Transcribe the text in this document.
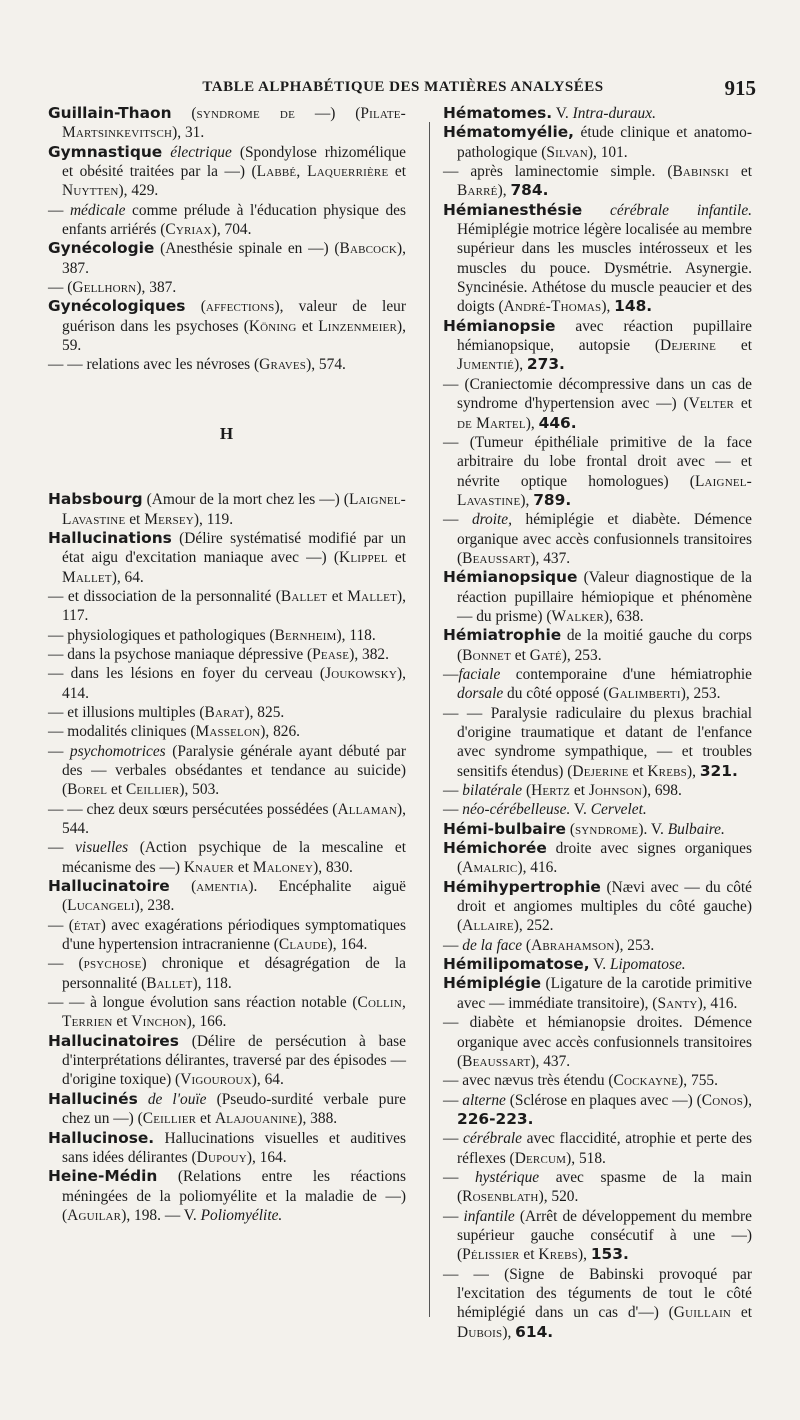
TABLE ALPHABÉTIQUE DES MATIÈRES ANALYSÉES	915

Guillain-Thaon (syndrome de —) (Pilate-Martsinkevitsch), 31.

Gymnastique électrique (Spondylose rhizomélique et obésité traitées par la —) (Labbé, Laquerrière et Nuytten), 429.

— médicale comme prélude à l'éducation physique des enfants arriérés (Cyriax), 704.

Gynécologie (Anesthésie spinale en —) (Babcock), 387.

— (Gellhorn), 387.

Gynécologiques (affections), valeur de leur guérison dans les psychoses (Köning et Linzenmeier), 59.

— — relations avec les névroses (Graves), 574.

H

Habsbourg (Amour de la mort chez les —) (Laignel-Lavastine et Mersey), 119.

Hallucinations (Délire systématisé modifié par un état aigu d'excitation maniaque avec —) (Klippel et Mallet), 64.

— et dissociation de la personnalité (Ballet et Mallet), 117.

— physiologiques et pathologiques (Bernheim), 118.

— dans la psychose maniaque dépressive (Pease), 382.

— dans les lésions en foyer du cerveau (Joukowsky), 414.

— et illusions multiples (Barat), 825.

— modalités cliniques (Masselon), 826.

— psychomotrices (Paralysie générale ayant débuté par des — verbales obsédantes et tendance au suicide) (Borel et Ceillier), 503.

— — chez deux sœurs persécutées possédées (Allaman), 544.

— visuelles (Action psychique de la mescaline et mécanisme des —) Knauer et Maloney), 830.

Hallucinatoire (amentia). Encéphalite aiguë (Lucangeli), 238.

— (état) avec exagérations périodiques symptomatiques d'une hypertension intracranienne (Claude), 164.

— (psychose) chronique et désagrégation de la personnalité (Ballet), 118.

— — à longue évolution sans réaction notable (Collin, Terrien et Vinchon), 166.

Hallucinatoires (Délire de persécution à base d'interprétations délirantes, traversé par des épisodes — d'origine toxique) (Vigouroux), 64.

Hallucinés de l'ouïe (Pseudo-surdité verbale pure chez un —) (Ceillier et Alajouanine), 388.

Hallucinose. Hallucinations visuelles et auditives sans idées délirantes (Dupouy), 164.

Heine-Médin (Relations entre les réactions méningées de la poliomyélite et la maladie de —) (Aguilar), 198. — V. Poliomyélite.

Hématomes. V. Intra-duraux.

Hématomyélie, étude clinique et anatomo-pathologique (Silvan), 101.

— après laminectomie simple. (Babinski et Barré), 784.

Hémianesthésie cérébrale infantile. Hémiplégie motrice légère localisée au membre supérieur dans les muscles intérosseux et les muscles du pouce. Dysmétrie. Asynergie. Syncinésie. Athétose du muscle peaucier et des doigts (André-Thomas), 148.

Hémianopsie avec réaction pupillaire hémianopsique, autopsie (Dejerine et Jumentié), 273.

— (Craniectomie décompressive dans un cas de syndrome d'hypertension avec —) (Velter et de Martel), 446.

— (Tumeur épithéliale primitive de la face arbitraire du lobe frontal droit avec — et névrite optique homologues) (Laignel-Lavastine), 789.

— droite, hémiplégie et diabète. Démence organique avec accès confusionnels transitoires (Beaussart), 437.

Hémianopsique (Valeur diagnostique de la réaction pupillaire hémiopique et phénomène — du prisme) (Walker), 638.

Hémiatrophie de la moitié gauche du corps (Bonnet et Gaté), 253.

—faciale contemporaine d'une hémiatrophie dorsale du côté opposé (Galimberti), 253.

— — Paralysie radiculaire du plexus brachial d'origine traumatique et datant de l'enfance avec syndrome sympathique, — et troubles sensitifs étendus) (Dejerine et Krebs), 321.

— bilatérale (Hertz et Johnson), 698.

— néo-cérébelleuse. V. Cervelet.

Hémi-bulbaire (syndrome). V. Bulbaire.

Hémichorée droite avec signes organiques (Amalric), 416.

Hémihypertrophie (Nævi avec — du côté droit et angiomes multiples du côté gauche) (Allaire), 252.

— de la face (Abrahamson), 253.

Hémilipomatose, V. Lipomatose.

Hémiplégie (Ligature de la carotide primitive avec — immédiate transitoire), (Santy), 416.

— diabète et hémianopsie droites. Démence organique avec accès confusionnels transitoires (Beaussart), 437.

— avec nævus très étendu (Cockayne), 755.

— alterne (Sclérose en plaques avec —) (Conos), 226-223.

— cérébrale avec flaccidité, atrophie et perte des réflexes (Dercum), 518.

— hystérique avec spasme de la main (Rosenblath), 520.

— infantile (Arrêt de développement du membre supérieur gauche consécutif à une —) (Pélissier et Krebs), 153.

— — (Signe de Babinski provoqué par l'excitation des téguments de tout le côté hémiplégié dans un cas d'—) (Guillain et Dubois), 614.
